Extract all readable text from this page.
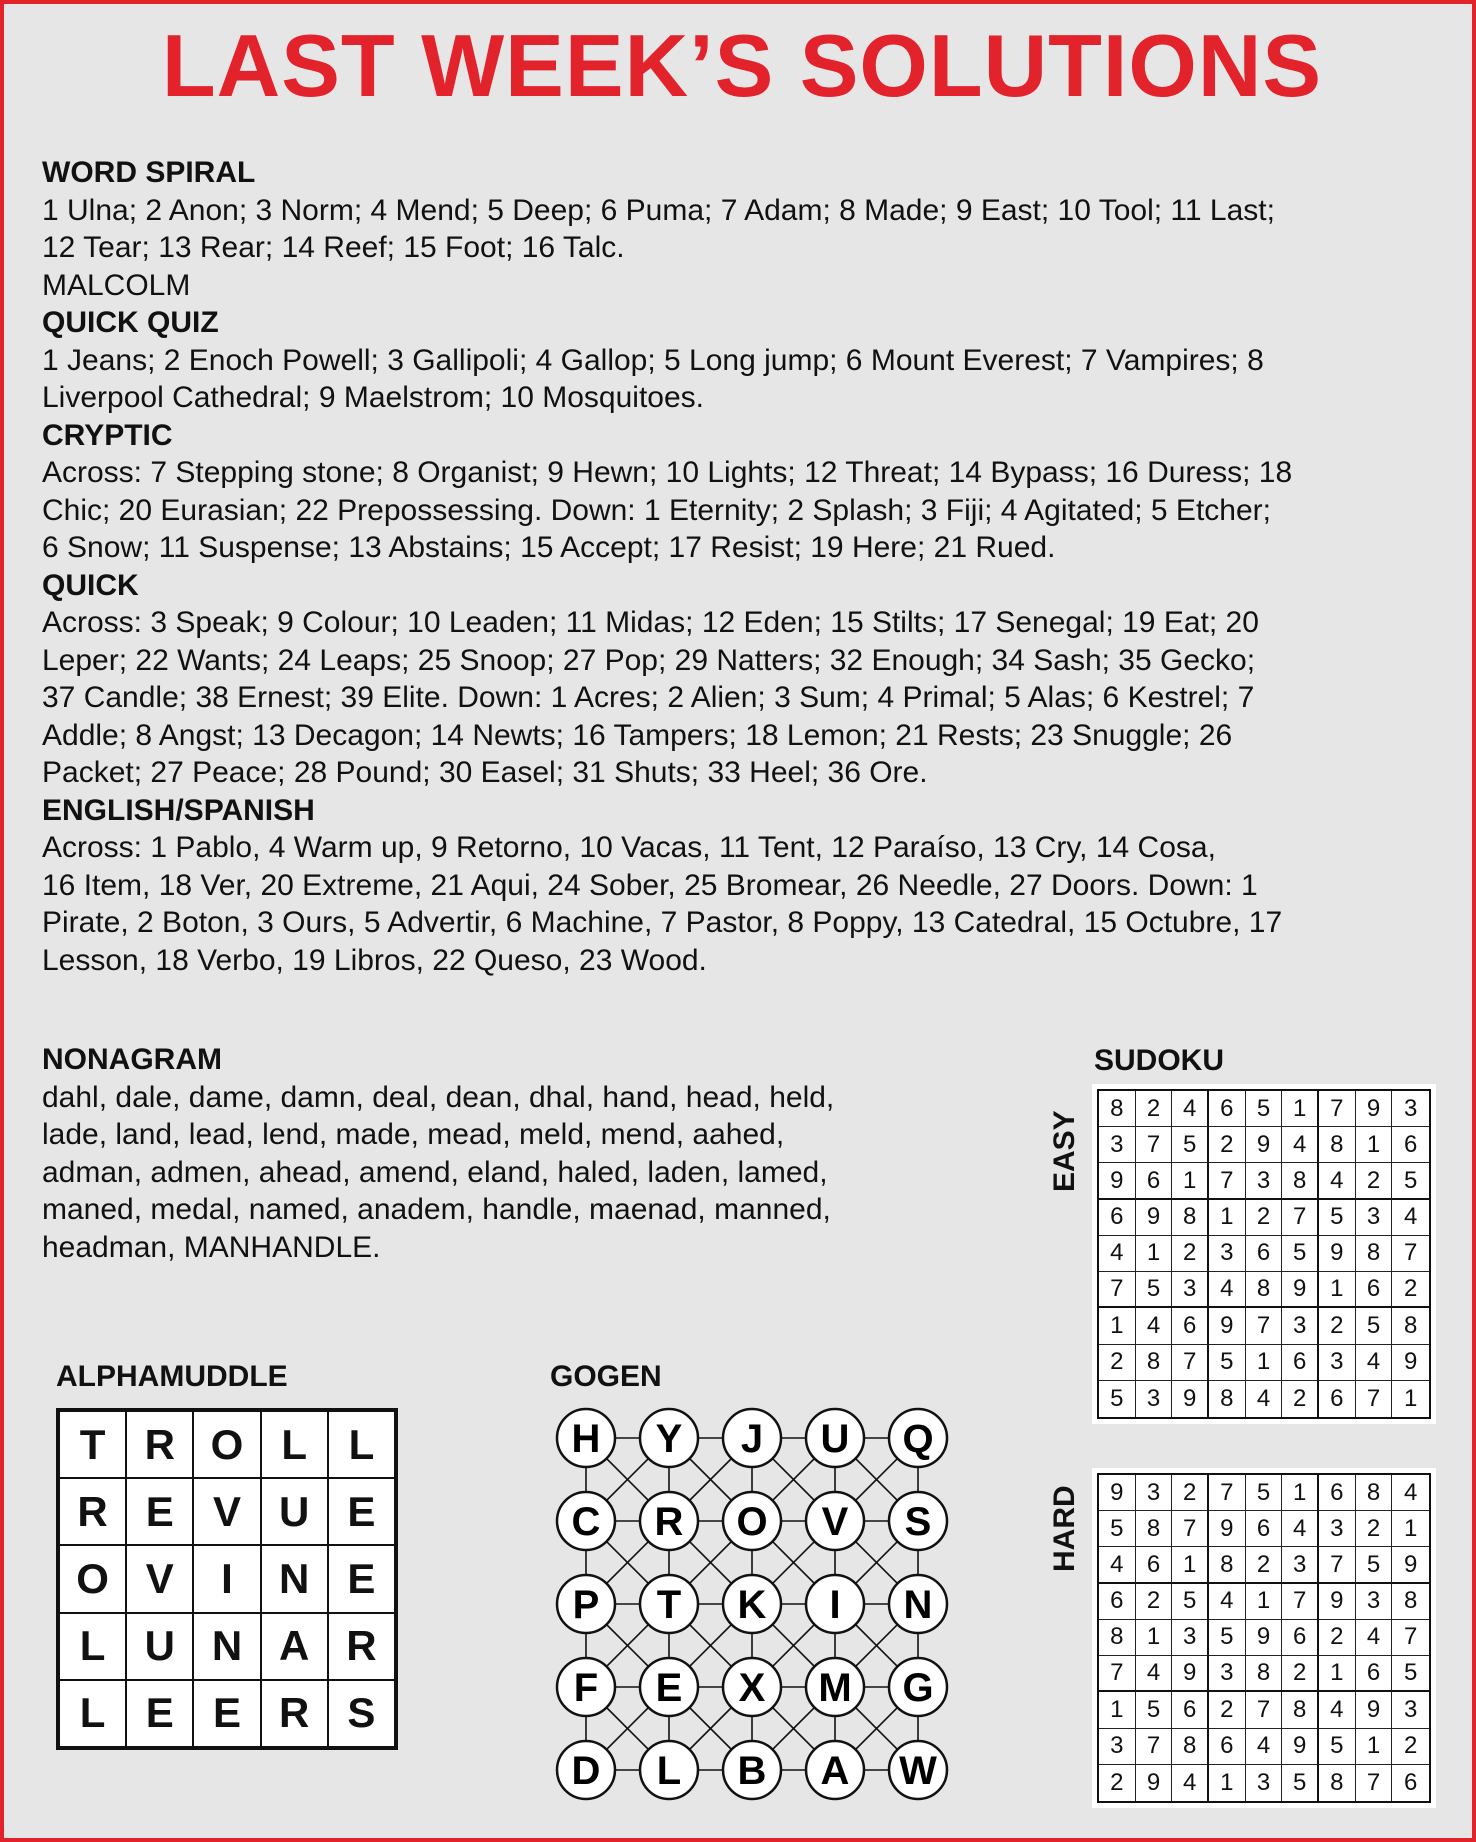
LAST WEEK’S SOLUTIONS
WORD SPIRAL
1 Ulna; 2 Anon; 3 Norm; 4 Mend; 5 Deep; 6 Puma; 7 Adam; 8 Made; 9 East; 10 Tool; 11 Last;
12 Tear; 13 Rear; 14 Reef; 15 Foot; 16 Talc.
MALCOLM
QUICK QUIZ
1 Jeans; 2 Enoch Powell; 3 Gallipoli; 4 Gallop; 5 Long jump; 6 Mount Everest; 7 Vampires; 8
Liverpool Cathedral; 9 Maelstrom; 10 Mosquitoes.
CRYPTIC
Across: 7 Stepping stone; 8 Organist; 9 Hewn; 10 Lights; 12 Threat; 14 Bypass; 16 Duress; 18
Chic; 20 Eurasian; 22 Prepossessing. Down: 1 Eternity; 2 Splash; 3 Fiji; 4 Agitated; 5 Etcher;
6 Snow; 11 Suspense; 13 Abstains; 15 Accept; 17 Resist; 19 Here; 21 Rued.
QUICK
Across: 3 Speak; 9 Colour; 10 Leaden; 11 Midas; 12 Eden; 15 Stilts; 17 Senegal; 19 Eat; 20
Leper; 22 Wants; 24 Leaps; 25 Snoop; 27 Pop; 29 Natters; 32 Enough; 34 Sash; 35 Gecko;
37 Candle; 38 Ernest; 39 Elite. Down: 1 Acres; 2 Alien; 3 Sum; 4 Primal; 5 Alas; 6 Kestrel; 7
Addle; 8 Angst; 13 Decagon; 14 Newts; 16 Tampers; 18 Lemon; 21 Rests; 23 Snuggle; 26
Packet; 27 Peace; 28 Pound; 30 Easel; 31 Shuts; 33 Heel; 36 Ore.
ENGLISH/SPANISH
Across: 1 Pablo, 4 Warm up, 9 Retorno, 10 Vacas, 11 Tent, 12 Paraíso, 13 Cry, 14 Cosa,
16 Item, 18 Ver, 20 Extreme, 21 Aqui, 24 Sober, 25 Bromear, 26 Needle, 27 Doors. Down: 1
Pirate, 2 Boton, 3 Ours, 5 Advertir, 6 Machine, 7 Pastor, 8 Poppy, 13 Catedral, 15 Octubre, 17
Lesson, 18 Verbo, 19 Libros, 22 Queso, 23 Wood.
NONAGRAM
dahl, dale, dame, damn, deal, dean, dhal, hand, head, held,
lade, land, lead, lend, made, mead, meld, mend, aahed,
adman, admen, ahead, amend, eland, haled, laden, lamed,
maned, medal, named, anadem, handle, maenad, manned,
headman, MANHANDLE.
ALPHAMUDDLE
T R O L L
R E V U E
O V	I	N E
L U N A R
L E E R S
GOGEN
H Y J U Q
C R O V S
P T K I N
F E X M G
D L B A W
SUDOKU
EASY
8 2 4 6 5 1 7 9 3
3 7 5 2 9 4 8 1 6
9 6 1 7 3 8 4 2 5
6 9 8 1 2 7 5 3 4
4 1 2 3 6 5 9 8 7
7 5 3 4 8 9 1 6 2
1 4 6 9 7 3 2 5 8
2 8 7 5 1 6 3 4 9
5 3 9 8 4 2 6 7 1
HARD	9 3 2 7 5 1 6 8 4
5 8 7 9 6 4 3 2 1
4 6 1 8 2 3 7 5 9
6 2 5 4 1 7 9 3 8
8 1 3 5 9 6 2 4 7
7 4 9 3 8 2 1 6 5
1 5 6 2 7 8 4 9 3
3 7 8 6 4 9 5 1 2
2 9 4 1 3 5 8 7 6
